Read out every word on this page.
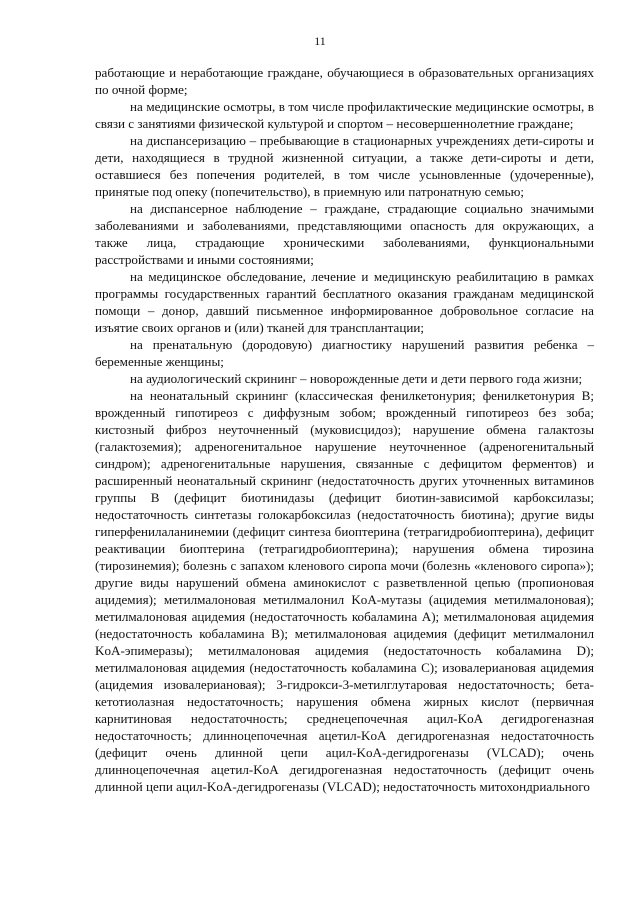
11

работающие и неработающие граждане, обучающиеся в образовательных организациях по очной форме;

на медицинские осмотры, в том числе профилактические медицинские осмотры, в связи с занятиями физической культурой и спортом – несовершеннолетние граждане;

на диспансеризацию – пребывающие в стационарных учреждениях дети-сироты и дети, находящиеся в трудной жизненной ситуации, а также дети-сироты и дети, оставшиеся без попечения родителей, в том числе усыновленные (удочеренные), принятые под опеку (попечительство), в приемную или патронатную семью;

на диспансерное наблюдение – граждане, страдающие социально значимыми заболеваниями и заболеваниями, представляющими опасность для окружающих, а также лица, страдающие хроническими заболеваниями, функциональными расстройствами и иными состояниями;

на медицинское обследование, лечение и медицинскую реабилитацию в рамках программы государственных гарантий бесплатного оказания гражданам медицинской помощи – донор, давший письменное информированное добровольное согласие на изъятие своих органов и (или) тканей для трансплантации;

на пренатальную (дородовую) диагностику нарушений развития ребенка – беременные женщины;

на аудиологический скрининг – новорожденные дети и дети первого года жизни;

на неонатальный скрининг (классическая фенилкетонурия; фенилкетонурия B; врожденный гипотиреоз с диффузным зобом; врожденный гипотиреоз без зоба; кистозный фиброз неуточненный (муковисцидоз); нарушение обмена галактозы (галактоземия); адреногенитальное нарушение неуточненное (адреногенитальный синдром); адреногенитальные нарушения, связанные с дефицитом ферментов) и расширенный неонатальный скрининг (недостаточность других уточненных витаминов группы B (дефицит биотинидазы (дефицит биотин-зависимой карбоксилазы; недостаточность синтетазы голокарбоксилаз (недостаточность биотина); другие виды гиперфенилаланинемии (дефицит синтеза биоптерина (тетрагидробиоптерина), дефицит реактивации биоптерина (тетрагидробиоптерина); нарушения обмена тирозина (тирозинемия); болезнь с запахом кленового сиропа мочи (болезнь «кленового сиропа»); другие виды нарушений обмена аминокислот с разветвленной цепью (пропионовая ацидемия); метилмалоновая метилмалонил KoA-мутазы (ацидемия метилмалоновая); метилмалоновая ацидемия (недостаточность кобаламина A); метилмалоновая ацидемия (недостаточность кобаламина B); метилмалоновая ацидемия (дефицит метилмалонил KoA-эпимеразы); метилмалоновая ацидемия (недостаточность кобаламина D); метилмалоновая ацидемия (недостаточность кобаламина C); изовалериановая ацидемия (ацидемия изовалериановая); 3-гидрокси-3-метилглутаровая недостаточность; бета-кетотиолазная недостаточность; нарушения обмена жирных кислот (первичная карнитиновая недостаточность; среднецепочечная ацил-KoA дегидрогеназная недостаточность; длинноцепочечная ацетил-KoA дегидрогеназная недостаточность (дефицит очень длинной цепи ацил-KoA-дегидрогеназы (VLCAD); очень длинноцепочечная ацетил-KoA дегидрогеназная недостаточность (дефицит очень длинной цепи ацил-KoA-дегидрогеназы (VLCAD); недостаточность митохондриального
